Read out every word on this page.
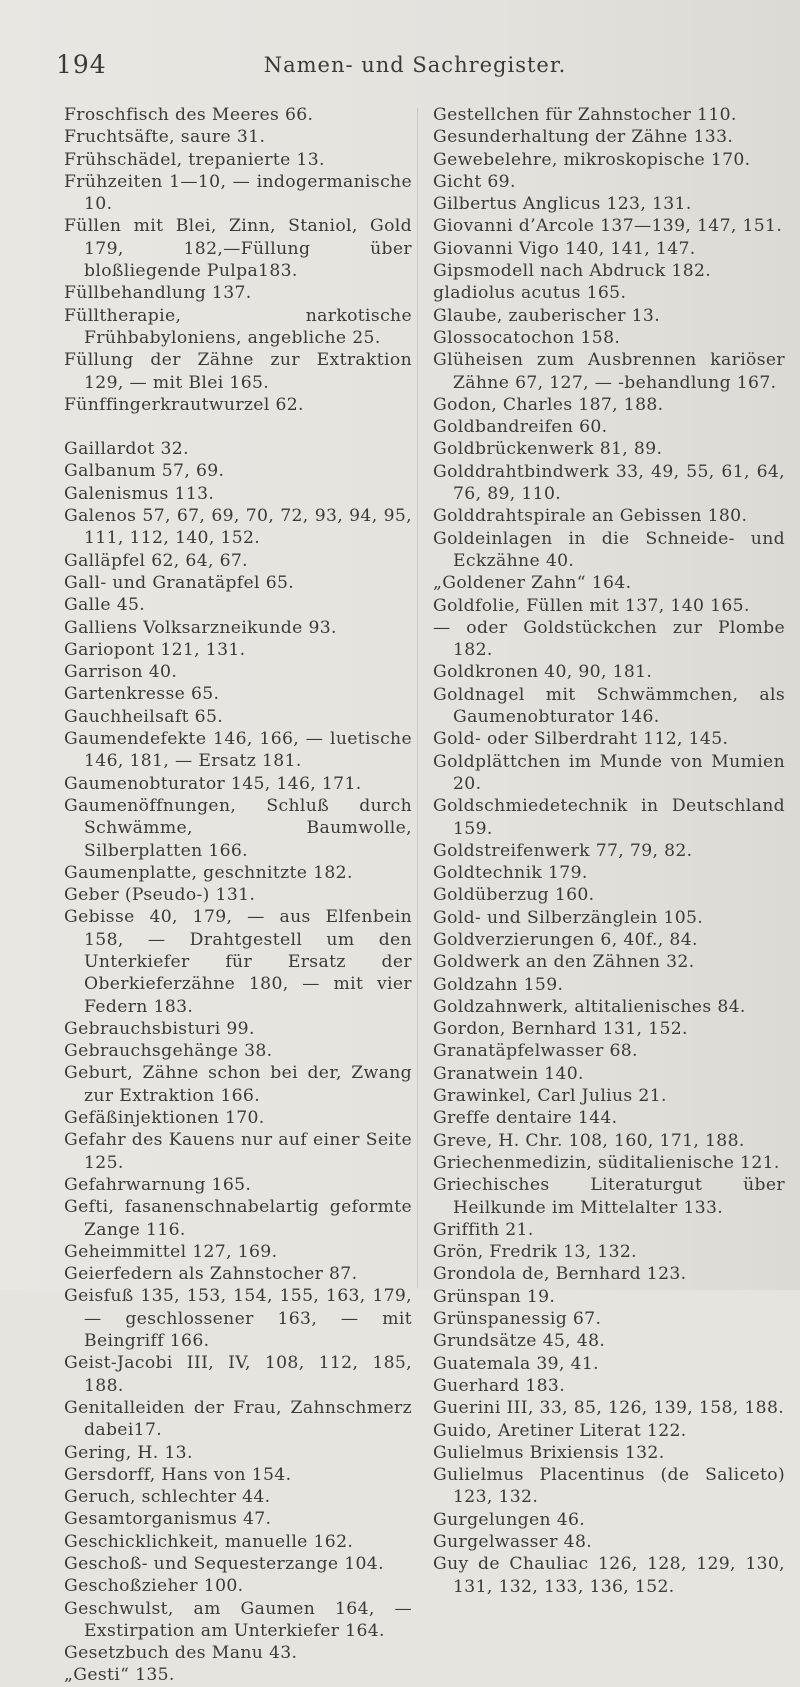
194	Namen- und Sachregister.
Froschfisch des Meeres 66.
Fruchtsäfte, saure 31.
Frühschädel, trepanierte 13.
Frühzeiten 1—10, — indogermanische 10.
Füllen mit Blei, Zinn, Staniol, Gold 179, 182,—Füllung über bloßliegende Pulpa183.
Füllbehandlung 137.
Fülltherapie, narkotische Frühbabyloniens, angebliche 25.
Füllung der Zähne zur Extraktion 129, — mit Blei 165.
Fünffingerkrautwurzel 62.
Gaillardot 32.
Galbanum 57, 69.
Galenismus 113.
Galenos 57, 67, 69, 70, 72, 93, 94, 95, 111, 112, 140, 152.
Galläpfel 62, 64, 67.
Gall- und Granatäpfel 65.
Galle 45.
Galliens Volksarzneikunde 93.
Gariopont 121, 131.
Garrison 40.
Gartenkresse 65.
Gauchheilsaft 65.
Gaumendefekte 146, 166, — luetische 146, 181, — Ersatz 181.
Gaumenobturator 145, 146, 171.
Gaumenöffnungen, Schluß durch Schwämme, Baumwolle, Silberplatten 166.
Gaumenplatte, geschnitzte 182.
Geber (Pseudo-) 131.
Gebisse 40, 179, — aus Elfenbein 158, — Drahtgestell um den Unterkiefer für Ersatz der Oberkieferzähne 180, — mit vier Federn 183.
Gebrauchsbisturi 99.
Gebrauchsgehänge 38.
Geburt, Zähne schon bei der, Zwang zur Extraktion 166.
Gefäßinjektionen 170.
Gefahr des Kauens nur auf einer Seite 125.
Gefahrwarnung 165.
Gefti, fasanenschnabelartig geformte Zange 116.
Geheimmittel 127, 169.
Geierfedern als Zahnstocher 87.
Geisfuß 135, 153, 154, 155, 163, 179, — geschlossener 163, — mit Beingriff 166.
Geist-Jacobi III, IV, 108, 112, 185, 188.
Genitalleiden der Frau, Zahnschmerz dabei17.
Gering, H. 13.
Gersdorff, Hans von 154.
Geruch, schlechter 44.
Gesamtorganismus 47.
Geschicklichkeit, manuelle 162.
Geschoß- und Sequesterzange 104.
Geschoßzieher 100.
Geschwulst, am Gaumen 164, — Exstirpation am Unterkiefer 164.
Gesetzbuch des Manu 43.
„Gesti“ 135.
Gestellchen für Zahnstocher 110.
Gesunderhaltung der Zähne 133.
Gewebelehre, mikroskopische 170.
Gicht 69.
Gilbertus Anglicus 123, 131.
Giovanni d’Arcole 137—139, 147, 151.
Giovanni Vigo 140, 141, 147.
Gipsmodell nach Abdruck 182.
gladiolus acutus 165.
Glaube, zauberischer 13.
Glossocatochon 158.
Glüheisen zum Ausbrennen kariöser Zähne 67, 127, — -behandlung 167.
Godon, Charles 187, 188.
Goldbandreifen 60.
Goldbrückenwerk 81, 89.
Golddrahtbindwerk 33, 49, 55, 61, 64, 76, 89, 110.
Golddrahtspirale an Gebissen 180.
Goldeinlagen in die Schneide- und Eckzähne 40.
„Goldener Zahn“ 164.
Goldfolie, Füllen mit 137, 140 165.
— oder Goldstückchen zur Plombe 182.
Goldkronen 40, 90, 181.
Goldnagel mit Schwämmchen, als Gaumenobturator 146.
Gold- oder Silberdraht 112, 145.
Goldplättchen im Munde von Mumien 20.
Goldschmiedetechnik in Deutschland 159.
Goldstreifenwerk 77, 79, 82.
Goldtechnik 179.
Goldüberzug 160.
Gold- und Silberzänglein 105.
Goldverzierungen 6, 40f., 84.
Goldwerk an den Zähnen 32.
Goldzahn 159.
Goldzahnwerk, altitalienisches 84.
Gordon, Bernhard 131, 152.
Granatäpfelwasser 68.
Granatwein 140.
Grawinkel, Carl Julius 21.
Greffe dentaire 144.
Greve, H. Chr. 108, 160, 171, 188.
Griechenmedizin, süditalienische 121.
Griechisches Literaturgut über Heilkunde im Mittelalter 133.
Griffith 21.
Grön, Fredrik 13, 132.
Grondola de, Bernhard 123.
Grünspan 19.
Grünspanessig 67.
Grundsätze 45, 48.
Guatemala 39, 41.
Guerhard 183.
Guerini III, 33, 85, 126, 139, 158, 188.
Guido, Aretiner Literat 122.
Gulielmus Brixiensis 132.
Gulielmus Placentinus (de Saliceto) 123, 132.
Gurgelungen 46.
Gurgelwasser 48.
Guy de Chauliac 126, 128, 129, 130, 131, 132, 133, 136, 152.
